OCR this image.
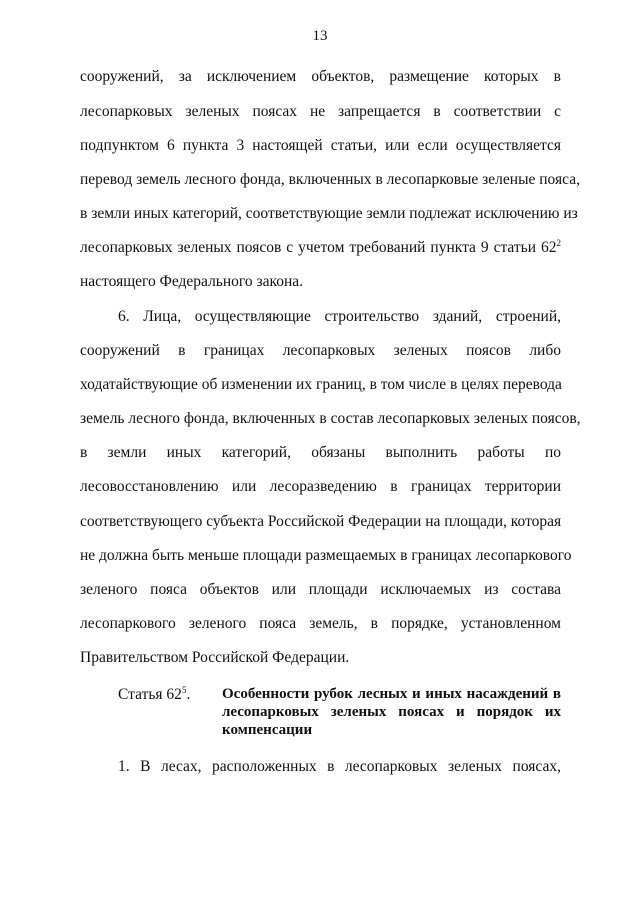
13
сооружений, за исключением объектов, размещение которых в
лесопарковых зеленых поясах не запрещается в соответствии с
подпунктом 6 пункта 3 настоящей статьи, или если осуществляется
перевод земель лесного фонда, включенных в лесопарковые зеленые пояса,
в земли иных категорий, соответствующие земли подлежат исключению из
лесопарковых зеленых поясов с учетом требований пункта 9 статьи $62^2$
настоящего Федерального закона.
6. Лица, осуществляющие строительство зданий, строений,
сооружений в границах лесопарковых зеленых поясов либо
ходатайствующие об изменении их границ, в том числе в целях перевода
земель лесного фонда, включенных в состав лесопарковых зеленых поясов,
в земли иных категорий, обязаны выполнить работы по
лесовосстановлению или лесоразведению в границах территории
соответствующего субъекта Российской Федерации на площади, которая
не должна быть меньше площади размещаемых в границах лесопаркового
зеленого пояса объектов или площади исключаемых из состава
лесопаркового зеленого пояса земель, в порядке, установленном
Правительством Российской Федерации.
Статья $62^5$. Особенности рубок лесных и иных насаждений в
лесопарковых зеленых поясах и порядок их
компенсации
1. В лесах, расположенных в лесопарковых зеленых поясах,
